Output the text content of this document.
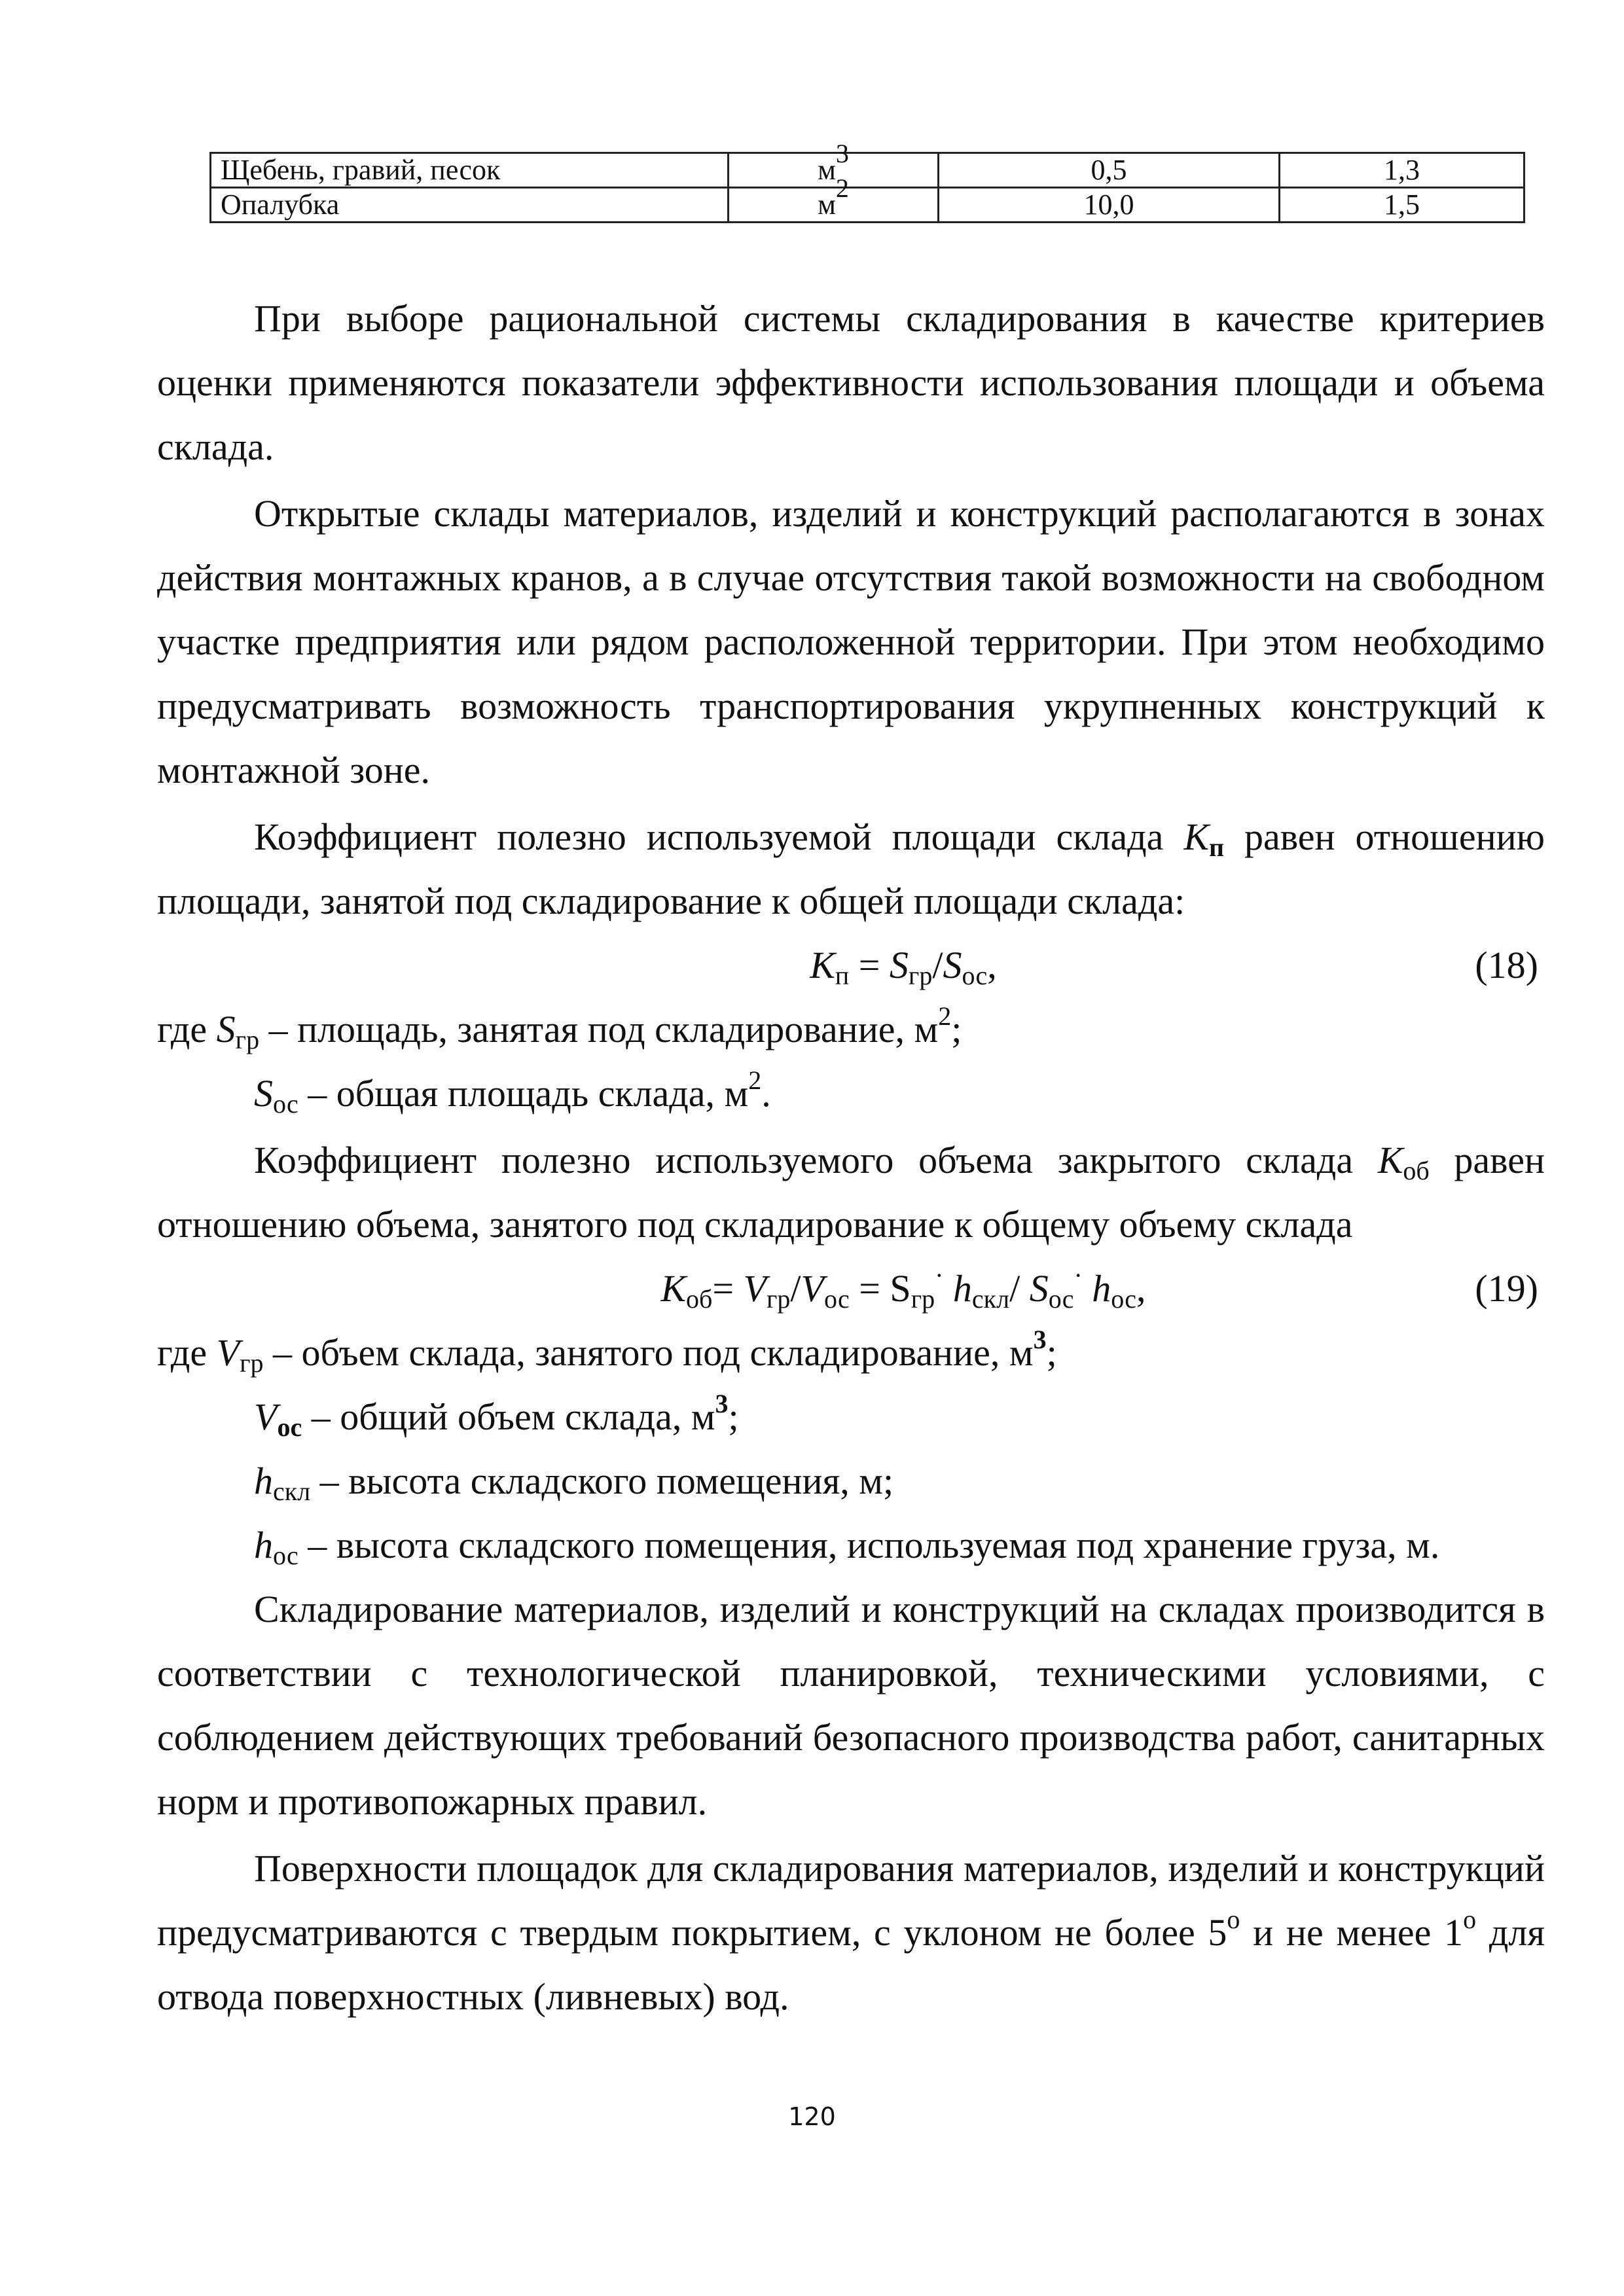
Щебень, гравий, песок	$м^3$	0,5	1,3
Опалубка	$м^2$	10,0	1,5

При выборе рациональной системы складирования в качестве критериев оценки применяются показатели эффективности использования площади и объема склада.

Открытые склады материалов, изделий и конструкций располагаются в зонах действия монтажных кранов, а в случае отсутствия такой возможности на свободном участке предприятия или рядом расположенной территории. При этом необходимо предусматривать возможность транспортирования укрупненных конструкций к монтажной зоне.

Коэффициент полезно используемой площади склада $К_п$ равен отношению площади, занятой под складирование к общей площади склада:

$К_п = S_{гр}/S_{ос}$,	(18)

где $S_{гр}$ – площадь, занятая под складирование, $м^2$;

$S_{ос}$ – общая площадь склада, $м^2$.

Коэффициент полезно используемого объема закрытого склада $К_{об}$ равен отношению объема, занятого под складирование к общему объему склада

$К_{об}= V_{гр}/V_{ос} = S_{гр}^\cdot$ $h_{скл}/$ $S_{ос}^\cdot$ $h_{ос}$,	(19)

где $V_{гр}$ – объем склада, занятого под складирование, $м^3$;

$V_{ос}$ – общий объем склада, $м^3$;

$h_{скл}$ – высота складского помещения, м;

$h_{ос}$ – высота складского помещения, используемая под хранение груза, м.

Складирование материалов, изделий и конструкций на складах производится в соответствии с технологической планировкой, техническими условиями, с соблюдением действующих требований безопасного производства работ, санитарных норм и противопожарных правил.

Поверхности площадок для складирования материалов, изделий и конструкций предусматриваются с твердым покрытием, с уклоном не более $5^о$ и не менее $1^о$ для отвода поверхностных (ливневых) вод.

120
